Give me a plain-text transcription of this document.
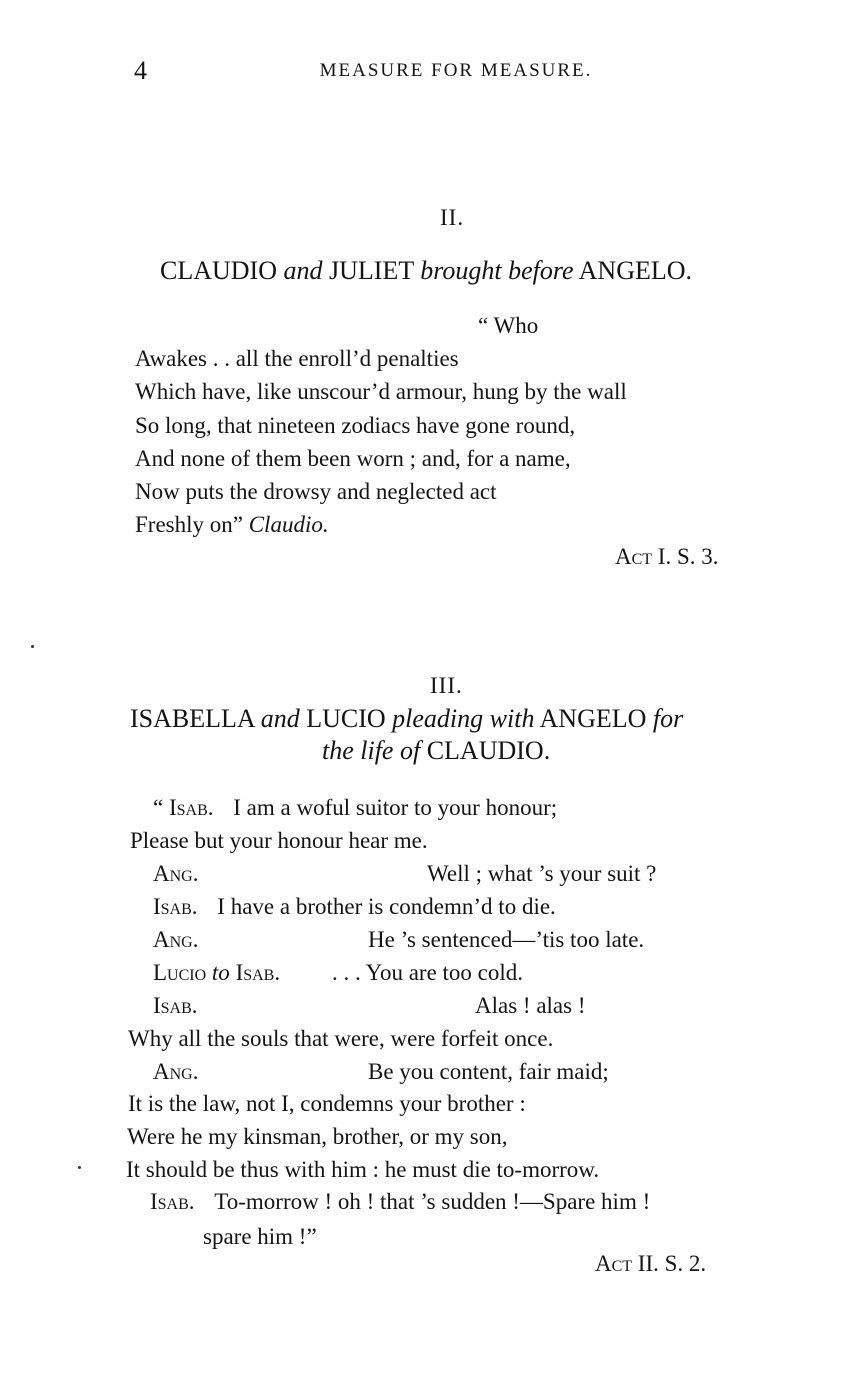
4	MEASURE FOR MEASURE.
II.
CLAUDIO and JULIET brought before ANGELO.
“ Who
Awakes . . all the enroll’d penalties
Which have, like unscour’d armour, hung by the wall
So long, that nineteen zodiacs have gone round,
And none of them been worn ; and, for a name,
Now puts the drowsy and neglected act
Freshly on” Claudio.
Act I. S. 3.
III.
ISABELLA and LUCIO pleading with ANGELO for
the life of CLAUDIO.
“ Isab. I am a woful suitor to your honour;
Please but your honour hear me.
Ang.	Well ; what ’s your suit ?
Isab. I have a brother is condemn’d to die.
Ang.	He ’s sentenced—’tis too late.
Lucio to Isab. . . . You are too cold.
Isab.	Alas ! alas !
Why all the souls that were, were forfeit once.
Ang.	Be you content, fair maid;
It is the law, not I, condemns your brother :
Were he my kinsman, brother, or my son,
It should be thus with him : he must die to-morrow.
Isab. To-morrow ! oh ! that ’s sudden !—Spare him !
spare him !”
Act II. S. 2.
